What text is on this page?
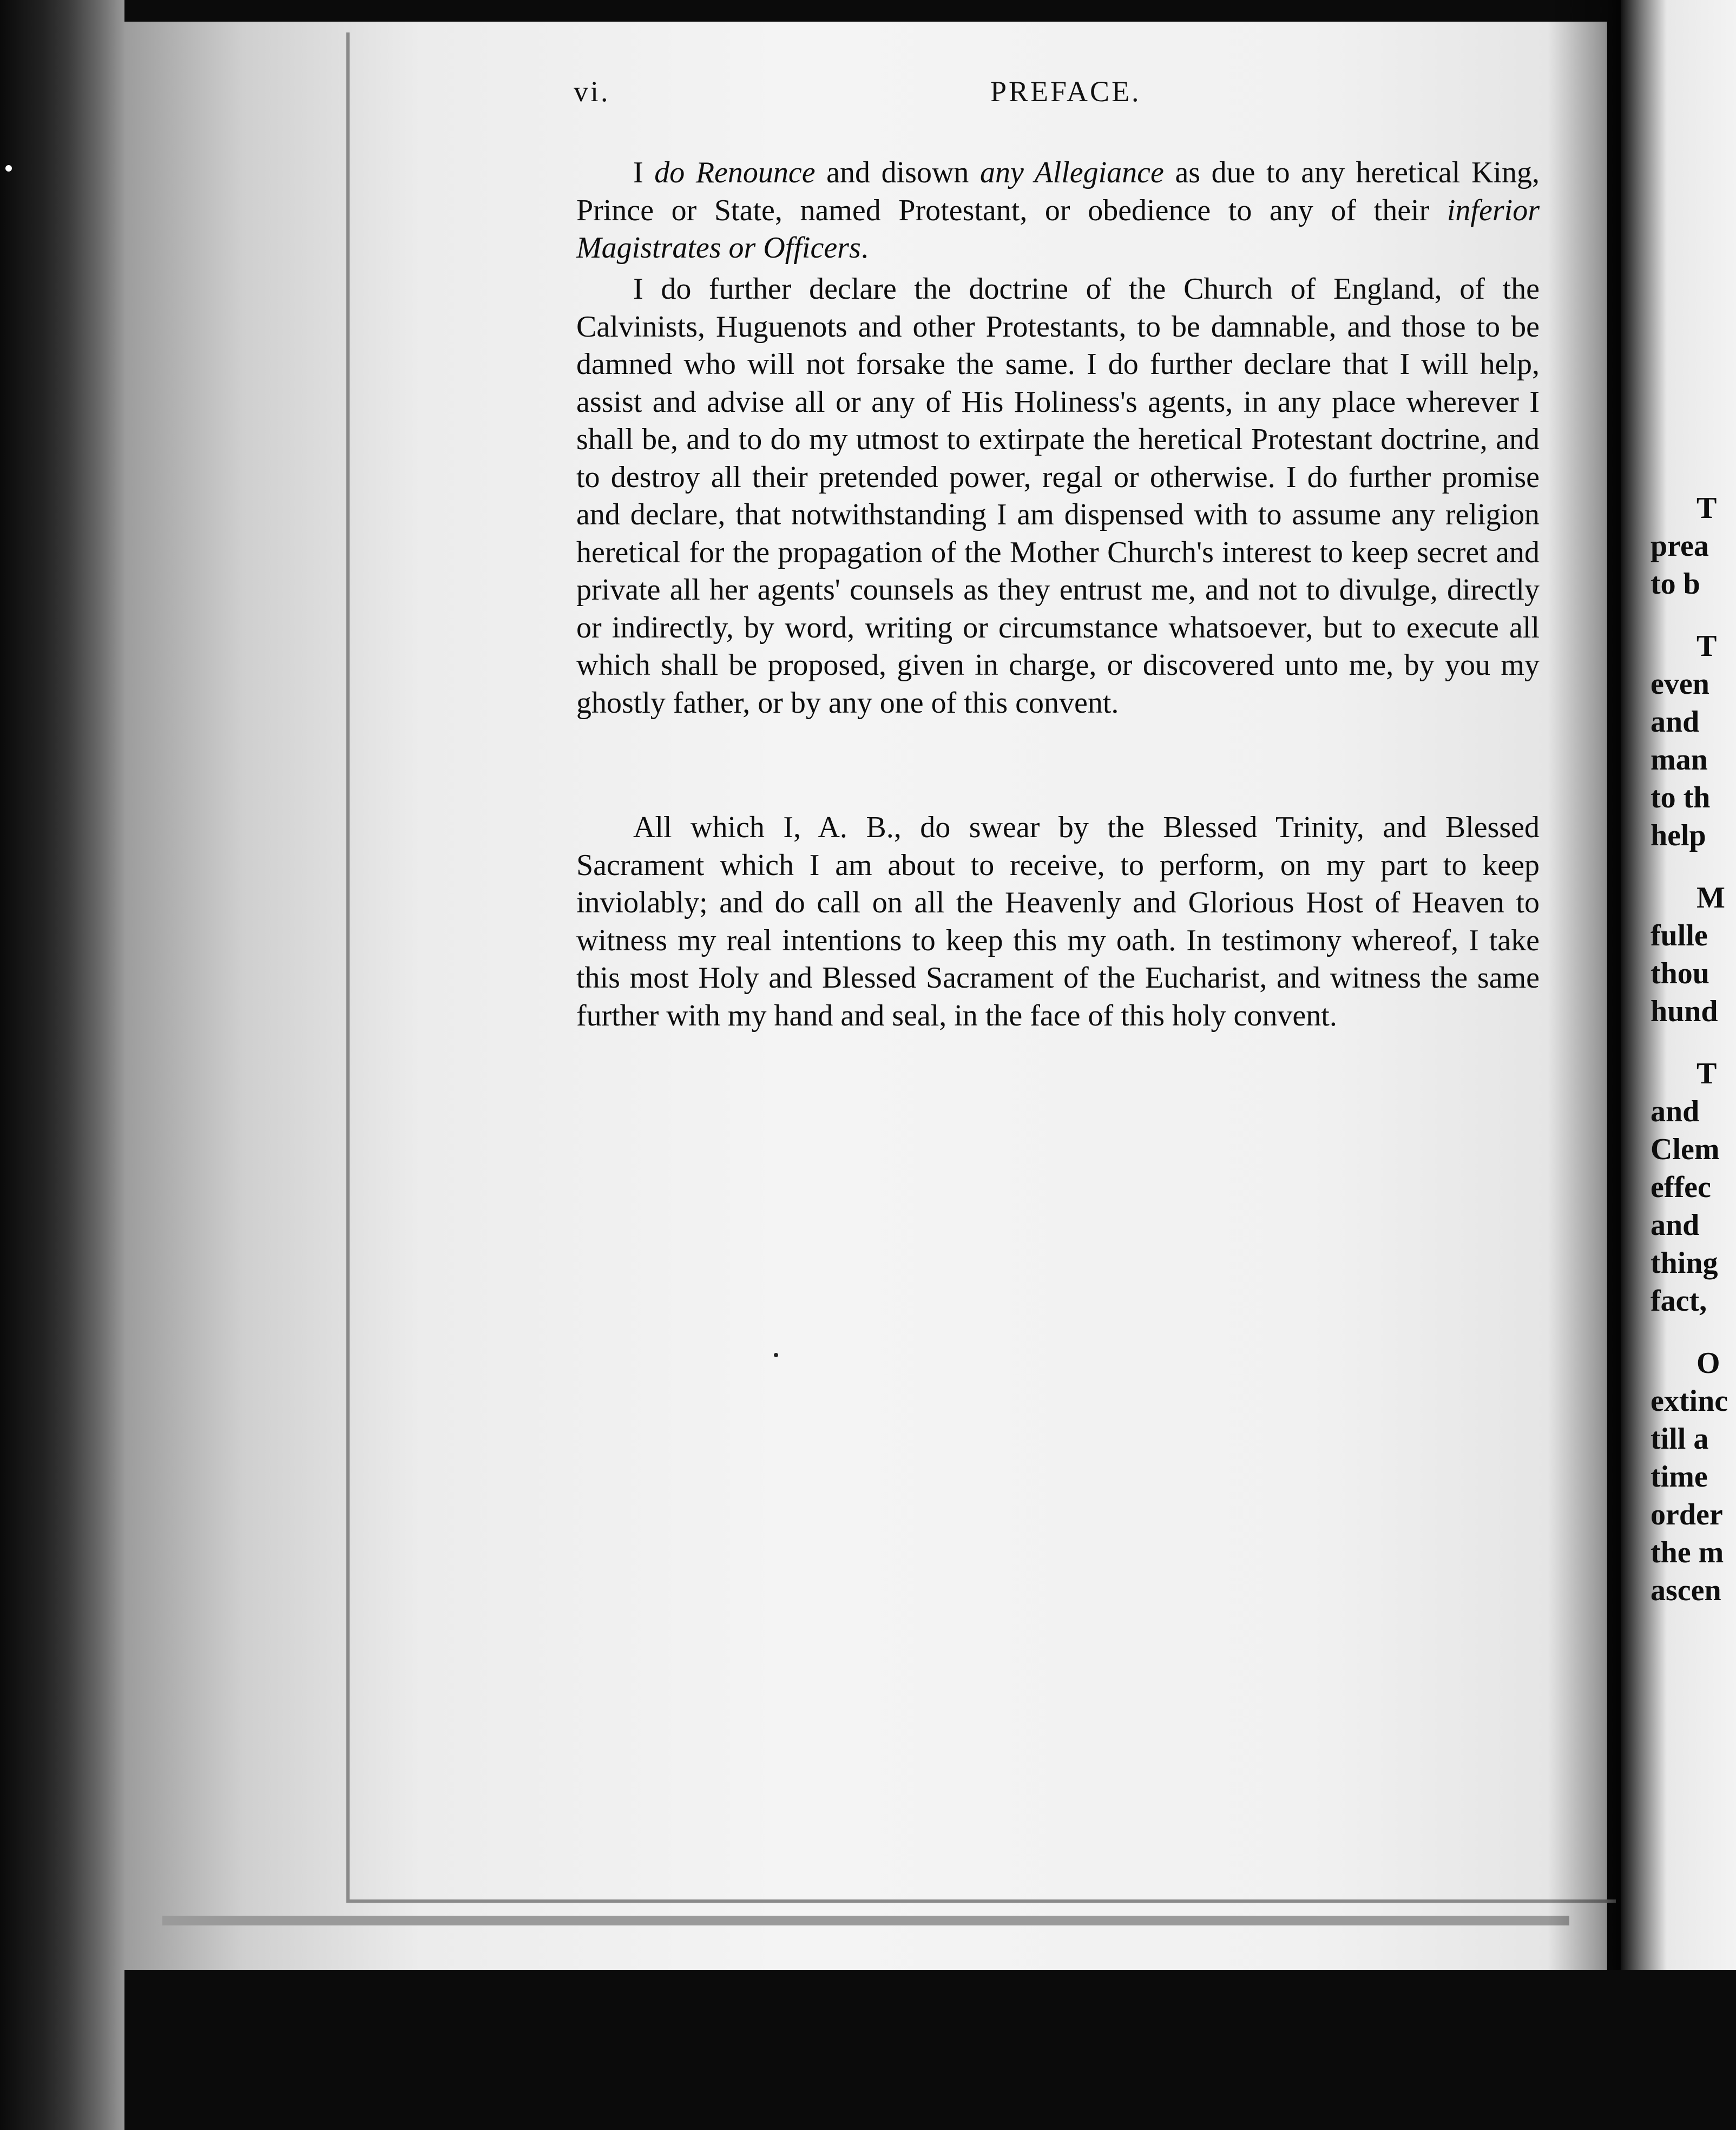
vi.	PREFACE.
I do Renounce and disown any Allegiance as due to any heretical King, Prince or State, named Protestant, or obedience to any of their inferior Magistrates or Officers.
I do further declare the doctrine of the Church of England, of the Calvinists, Huguenots and other Protestants, to be damnable, and those to be damned who will not forsake the same. I do further declare that I will help, assist and advise all or any of His Holiness's agents, in any place wherever I shall be, and to do my utmost to extirpate the heretical Protestant doctrine, and to destroy all their pretended power, regal or otherwise. I do further promise and declare, that notwithstanding I am dispensed with to assume any religion heretical for the propagation of the Mother Church's interest to keep secret and private all her agents' counsels as they entrust me, and not to divulge, directly or indirectly, by word, writing or circumstance whatsoever, but to execute all which shall be proposed, given in charge, or discovered unto me, by you my ghostly father, or by any one of this convent.
All which I, A. B., do swear by the Blessed Trinity, and Blessed Sacrament which I am about to receive, to perform, on my part to keep inviolably; and do call on all the Heavenly and Glorious Host of Heaven to witness my real intentions to keep this my oath. In testimony whereof, I take this most Holy and Blessed Sacrament of the Eucharist, and witness the same further with my hand and seal, in the face of this holy convent.
T
prea
to b
T
even
and
man
to th
help
M
fulle
thou
hund
T
and
Clem
effec
and
thing
fact,
O
extinc
till a
time
order
the m
ascen
